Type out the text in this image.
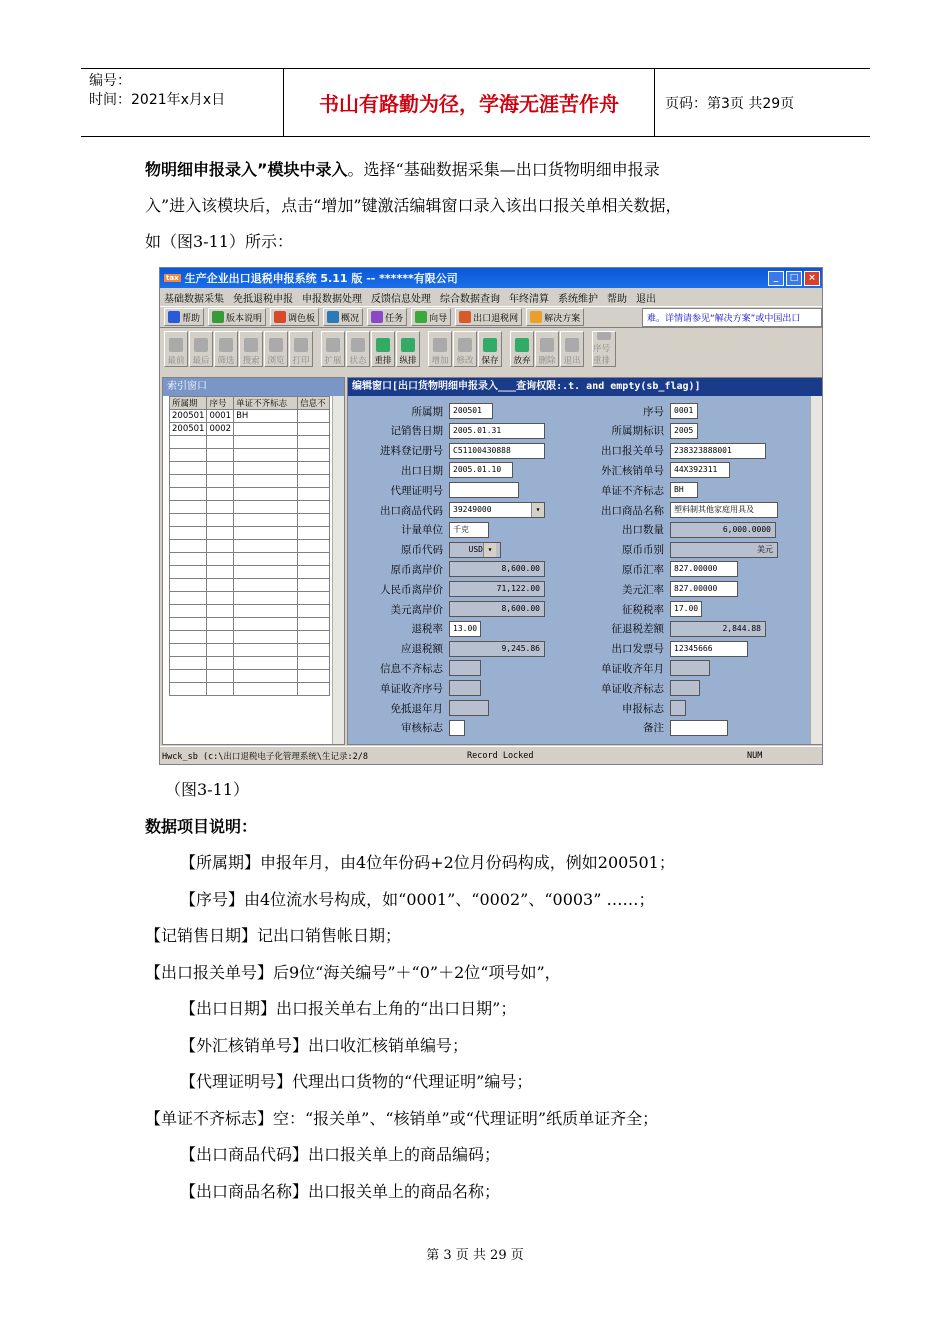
编号：
时间：2021年x月x日	书山有路勤为径，学海无涯苦作舟	页码：第3页 共29页
物明细申报录入”模块中录入。选择“基础数据采集—出口货物明细申报录
入”进入该模块后，点击“增加”键激活编辑窗口录入该出口报关单相关数据，
如（图3-11）所示：
tax 生产企业出口退税申报系统 5.11 版 -- ******有限公司	_	□	×
基础数据采集 免抵退税申报 申报数据处理 反馈信息处理 综合数据查询 年终清算 系统维护 帮助 退出
帮助	版本说明	调色板	概况	任务	向导	出口退税网	解决方案	难。详情请参见“解决方案”或中国出口
最前 最后 筛选 搜索 浏览 打印 扩展 状态 重排 纵排 增加 修改 保存 放弃 删除 退出
序号重排
索引窗口
所属期	序号	单证不齐标志	信息不
200501	0001	BH	
200501	0002		

编辑窗口[出口货物明细申报录入___查询权限:.t. and empty(sb_flag)]
所属期	200501
记销售日期	2005.01.31
进料登记册号	C51100430888
出口日期	2005.01.10
代理证明号
出口商品代码	39249000 ▾
计量单位	千克
原币代码	USD ▾
原币离岸价	8,600.00
人民币离岸价	71,122.00
美元离岸价	8,600.00
退税率	13.00
应退税额	9,245.86
信息不齐标志
单证收齐序号
免抵退年月
审核标志
序号	0001
所属期标识	2005
出口报关单号	238323888001
外汇核销单号	44X392311
单证不齐标志	BH
出口商品名称	塑料制其他家庭用具及
出口数量	6,000.0000
原币币别	美元
原币汇率	827.00000
美元汇率	827.00000
征税税率	17.00
征退税差额	2,844.88
出口发票号	12345666
单证收齐年月
单证收齐标志
申报标志
备注
Hwck_sb (c:\出口退税电子化管理系统\生记录:2/8	Record Locked	NUM
（图3-11）
数据项目说明：
【所属期】申报年月，由4位年份码+2位月份码构成，例如200501；
【序号】由4位流水号构成，如“0001”、“0002”、“0003” ……；
【记销售日期】记出口销售帐日期；
【出口报关单号】后9位“海关编号”＋“0”＋2位“项号如”，
【出口日期】出口报关单右上角的“出口日期”；
【外汇核销单号】出口收汇核销单编号；
【代理证明号】代理出口货物的“代理证明”编号；
【单证不齐标志】空：“报关单”、“核销单”或“代理证明”纸质单证齐全；
【出口商品代码】出口报关单上的商品编码；
【出口商品名称】出口报关单上的商品名称；
第 3 页 共 29 页
